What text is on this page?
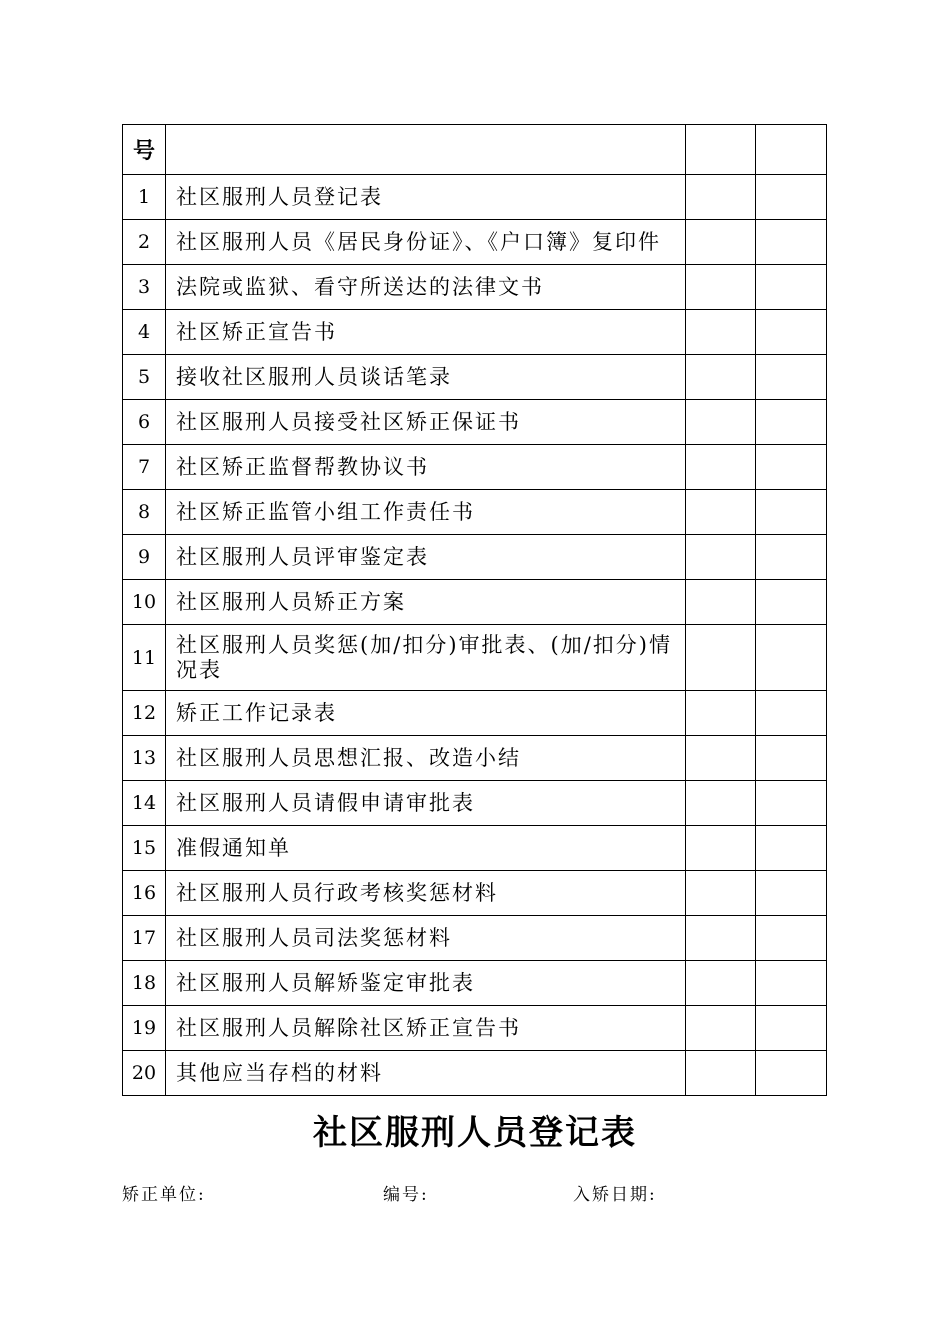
号			
1	社区服刑人员登记表		
2	社区服刑人员《居民身份证》、《户口簿》复印件		
3	法院或监狱、看守所送达的法律文书		
4	社区矫正宣告书		
5	接收社区服刑人员谈话笔录		
6	社区服刑人员接受社区矫正保证书		
7	社区矫正监督帮教协议书		
8	社区矫正监管小组工作责任书		
9	社区服刑人员评审鉴定表		
10	社区服刑人员矫正方案		
11	社区服刑人员奖惩(加/扣分)审批表、(加/扣分)情况表		
12	矫正工作记录表		
13	社区服刑人员思想汇报、改造小结		
14	社区服刑人员请假申请审批表		
15	准假通知单		
16	社区服刑人员行政考核奖惩材料		
17	社区服刑人员司法奖惩材料		
18	社区服刑人员解矫鉴定审批表		
19	社区服刑人员解除社区矫正宣告书		
20	其他应当存档的材料		
社区服刑人员登记表
矫正单位:	编号:	入矫日期:
